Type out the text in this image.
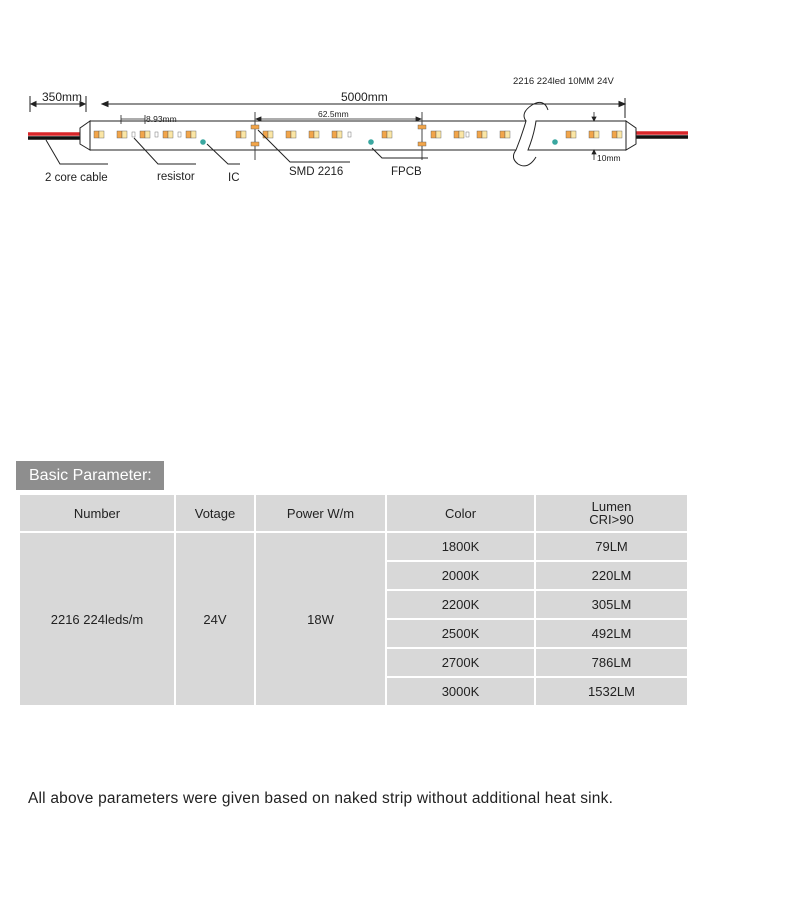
2216 224led 10MM 24V
350mm	5000mm
8.93mm	62.5mm
10mm
2 core cable	resistor	IC	SMD 2216	FPCB
Basic Parameter:
Number	Votage	Power W/m	Color	Lumen
CRI>90

2216 224leds/m	24V	18W	1800K	79LM
			2000K	220LM
			2200K	305LM
			2500K	492LM
			2700K	786LM
			3000K	1532LM
All above parameters were given based on naked strip without additional heat sink.
